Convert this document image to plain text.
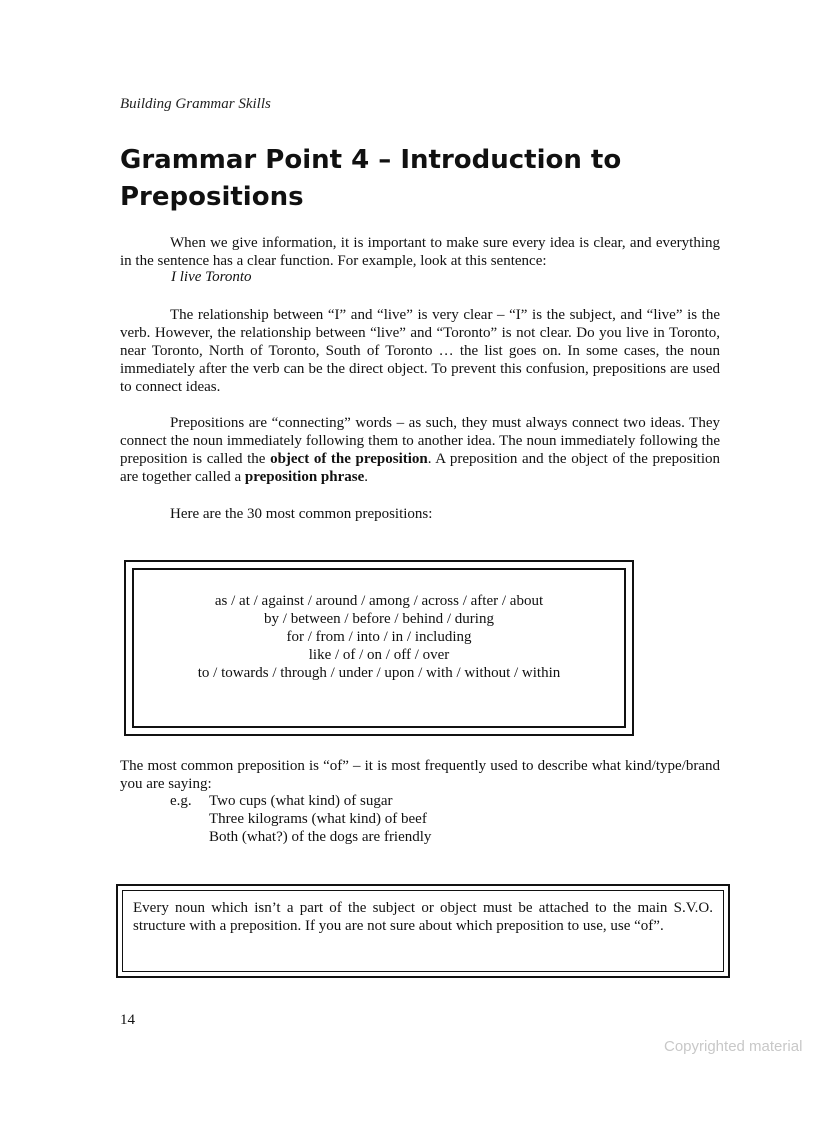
Building Grammar Skills
Grammar Point 4 – Introduction to Prepositions

When we give information, it is important to make sure every idea is clear, and everything in the sentence has a clear function. For example, look at this sentence:

I live Toronto

The relationship between “I” and “live” is very clear – “I” is the subject, and “live” is the verb. However, the relationship between “live” and “Toronto” is not clear. Do you live in Toronto, near Toronto, North of Toronto, South of Toronto … the list goes on. In some cases, the noun immediately after the verb can be the direct object. To prevent this confusion, prepositions are used to connect ideas.

Prepositions are “connecting” words – as such, they must always connect two ideas. They connect the noun immediately following them to another idea. The noun immediately following the preposition is called the object of the preposition. A preposition and the object of the preposition are together called a preposition phrase.

Here are the 30 most common prepositions:
as / at / against / around / among / across / after / about
by / between / before / behind / during
for / from / into / in / including
like / of / on / off / over
to / towards / through / under / upon / with / without / within

The most common preposition is “of” – it is most frequently used to describe what kind/type/brand you are saying:

e.g. Two cups (what kind) of sugar
Three kilograms (what kind) of beef
Both (what?) of the dogs are friendly
Every noun which isn’t a part of the subject or object must be attached to the main S.V.O. structure with a preposition. If you are not sure about which preposition to use, use “of”.
14
Copyrighted material
